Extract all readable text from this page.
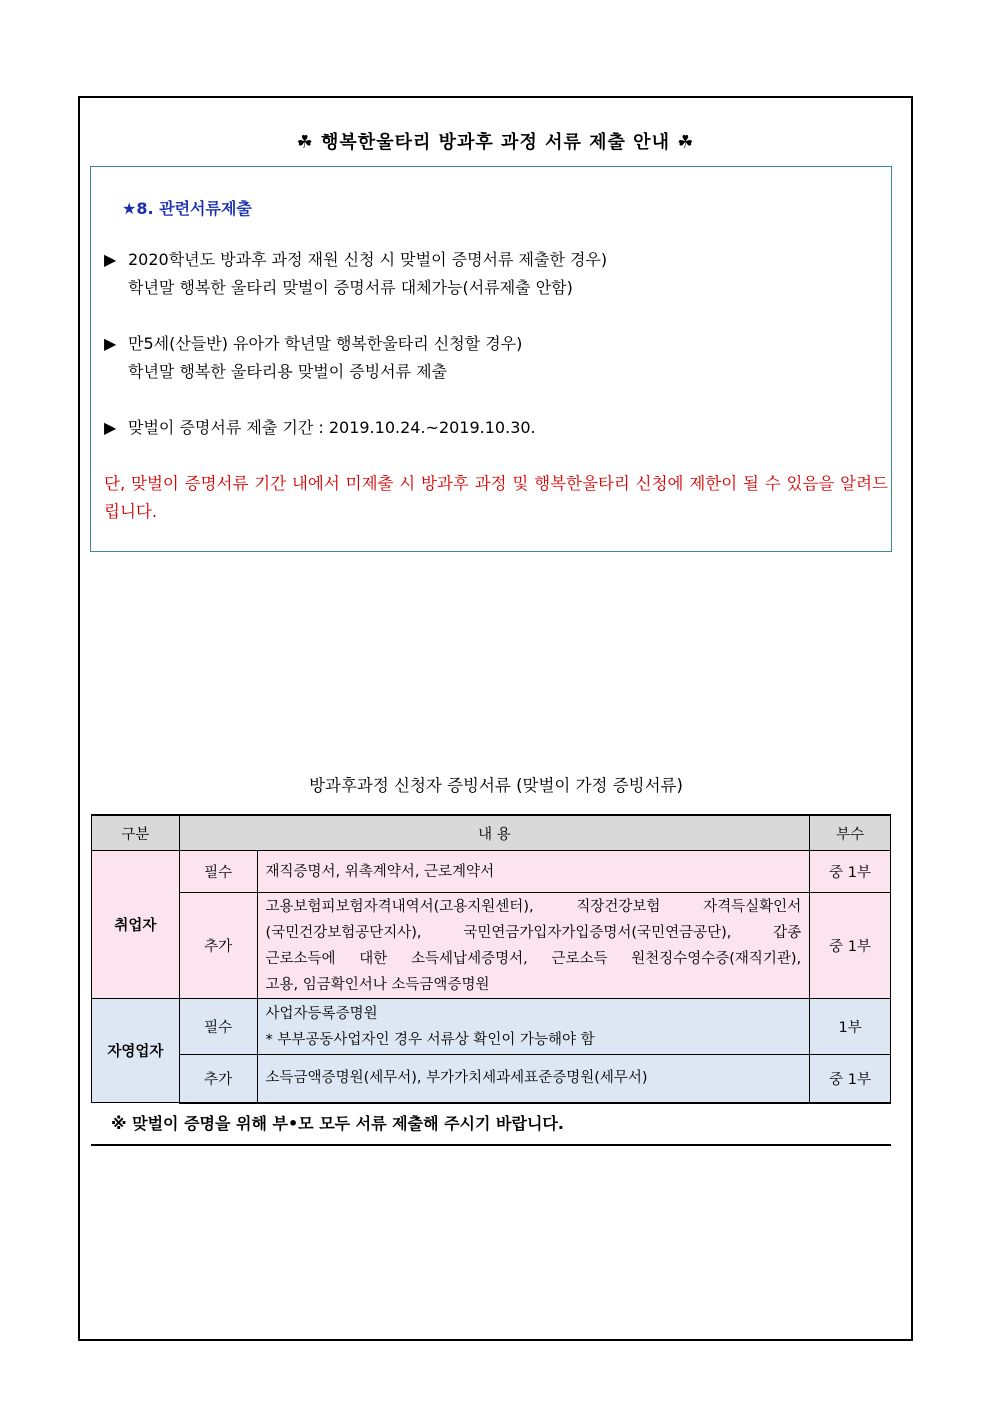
☘ 행복한울타리 방과후 과정 서류 제출 안내 ☘
★8. 관련서류제출
▶ 2020학년도 방과후 과정 재원 신청 시 맞벌이 증명서류 제출한 경우)
학년말 행복한 울타리 맞벌이 증명서류 대체가능(서류제출 안함)
▶ 만5세(산들반) 유아가 학년말 행복한울타리 신청할 경우)
학년말 행복한 울타리용 맞벌이 증빙서류 제출
▶ 맞벌이 증명서류 제출 기간 : 2019.10.24.~2019.10.30.
단, 맞벌이 증명서류 기간 내에서 미제출 시 방과후 과정 및 행복한울타리 신청에 제한이 될 수 있음을 알려드립니다.
방과후과정 신청자 증빙서류 (맞벌이 가정 증빙서류)
구분	내 용		부수
취업자	필수	재직증명서, 위촉계약서, 근로계약서	중 1부
	추가	고용보험피보험자격내역서(고용지원센터), 직장건강보험 자격득실확인서
(국민건강보험공단지사), 국민연금가입자가입증명서(국민연금공단), 갑종
근로소득에 대한 소득세납세증명서, 근로소득 원천징수영수증(재직기관),
고용, 임금확인서나 소득금액증명원	중 1부
자영업자	필수	사업자등록증명원
* 부부공동사업자인 경우 서류상 확인이 가능해야 함	1부
	추가	소득금액증명원(세무서), 부가가치세과세표준증명원(세무서)	중 1부
※ 맞벌이 증명을 위해 부•모 모두 서류 제출해 주시기 바랍니다.
